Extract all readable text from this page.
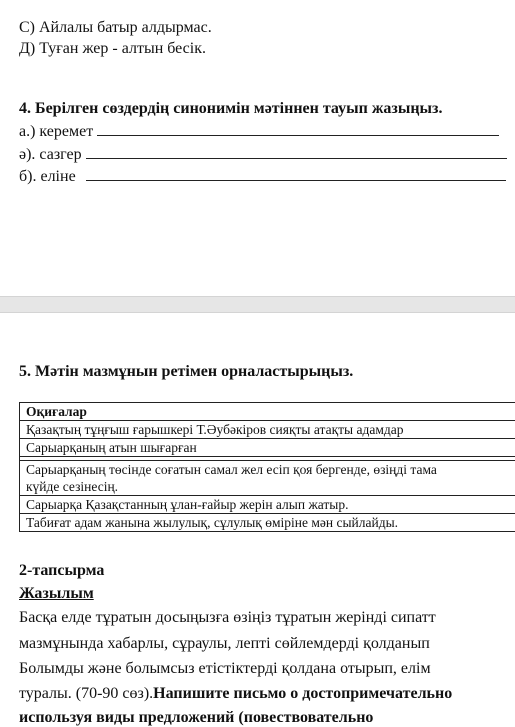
С) Айлалы батыр алдырмас.
Д) Туған жер - алтын бесік.
4. Берілген сөздердің синонимін мәтіннен тауып жазыңыз.
а.) керемет
ә). сазгер
б). еліне
5. Мәтін мазмұнын ретімен орналастырыңыз.
Оқиғалар
Қазақтың тұңғыш ғарышкері Т.Әубәкіров сияқты атақты адамдар
Сарыарқаның атын шығарған

Сарыарқаның төсінде соғатын самал жел есіп қоя бергенде, өзіңді тама
күйде сезінесің.

Сарыарқа Қазақстанның ұлан-ғайыр жерін алып жатыр.
Табиғат адам жанына жылулық, сұлулық өміріне мән сыйлайды.
2-тапсырма
Жазылым
Басқа елде тұратын досыңызға өзіңіз тұратын жерінді сипатт
мазмұнында хабарлы, сұраулы, лепті сөйлемдерді қолданып
Болымды және болымсыз етістіктерді қолдана отырып, елім
туралы. (70-90 сөз).Напишите письмо о достопримечательно
используя виды предложений (повествовательно
